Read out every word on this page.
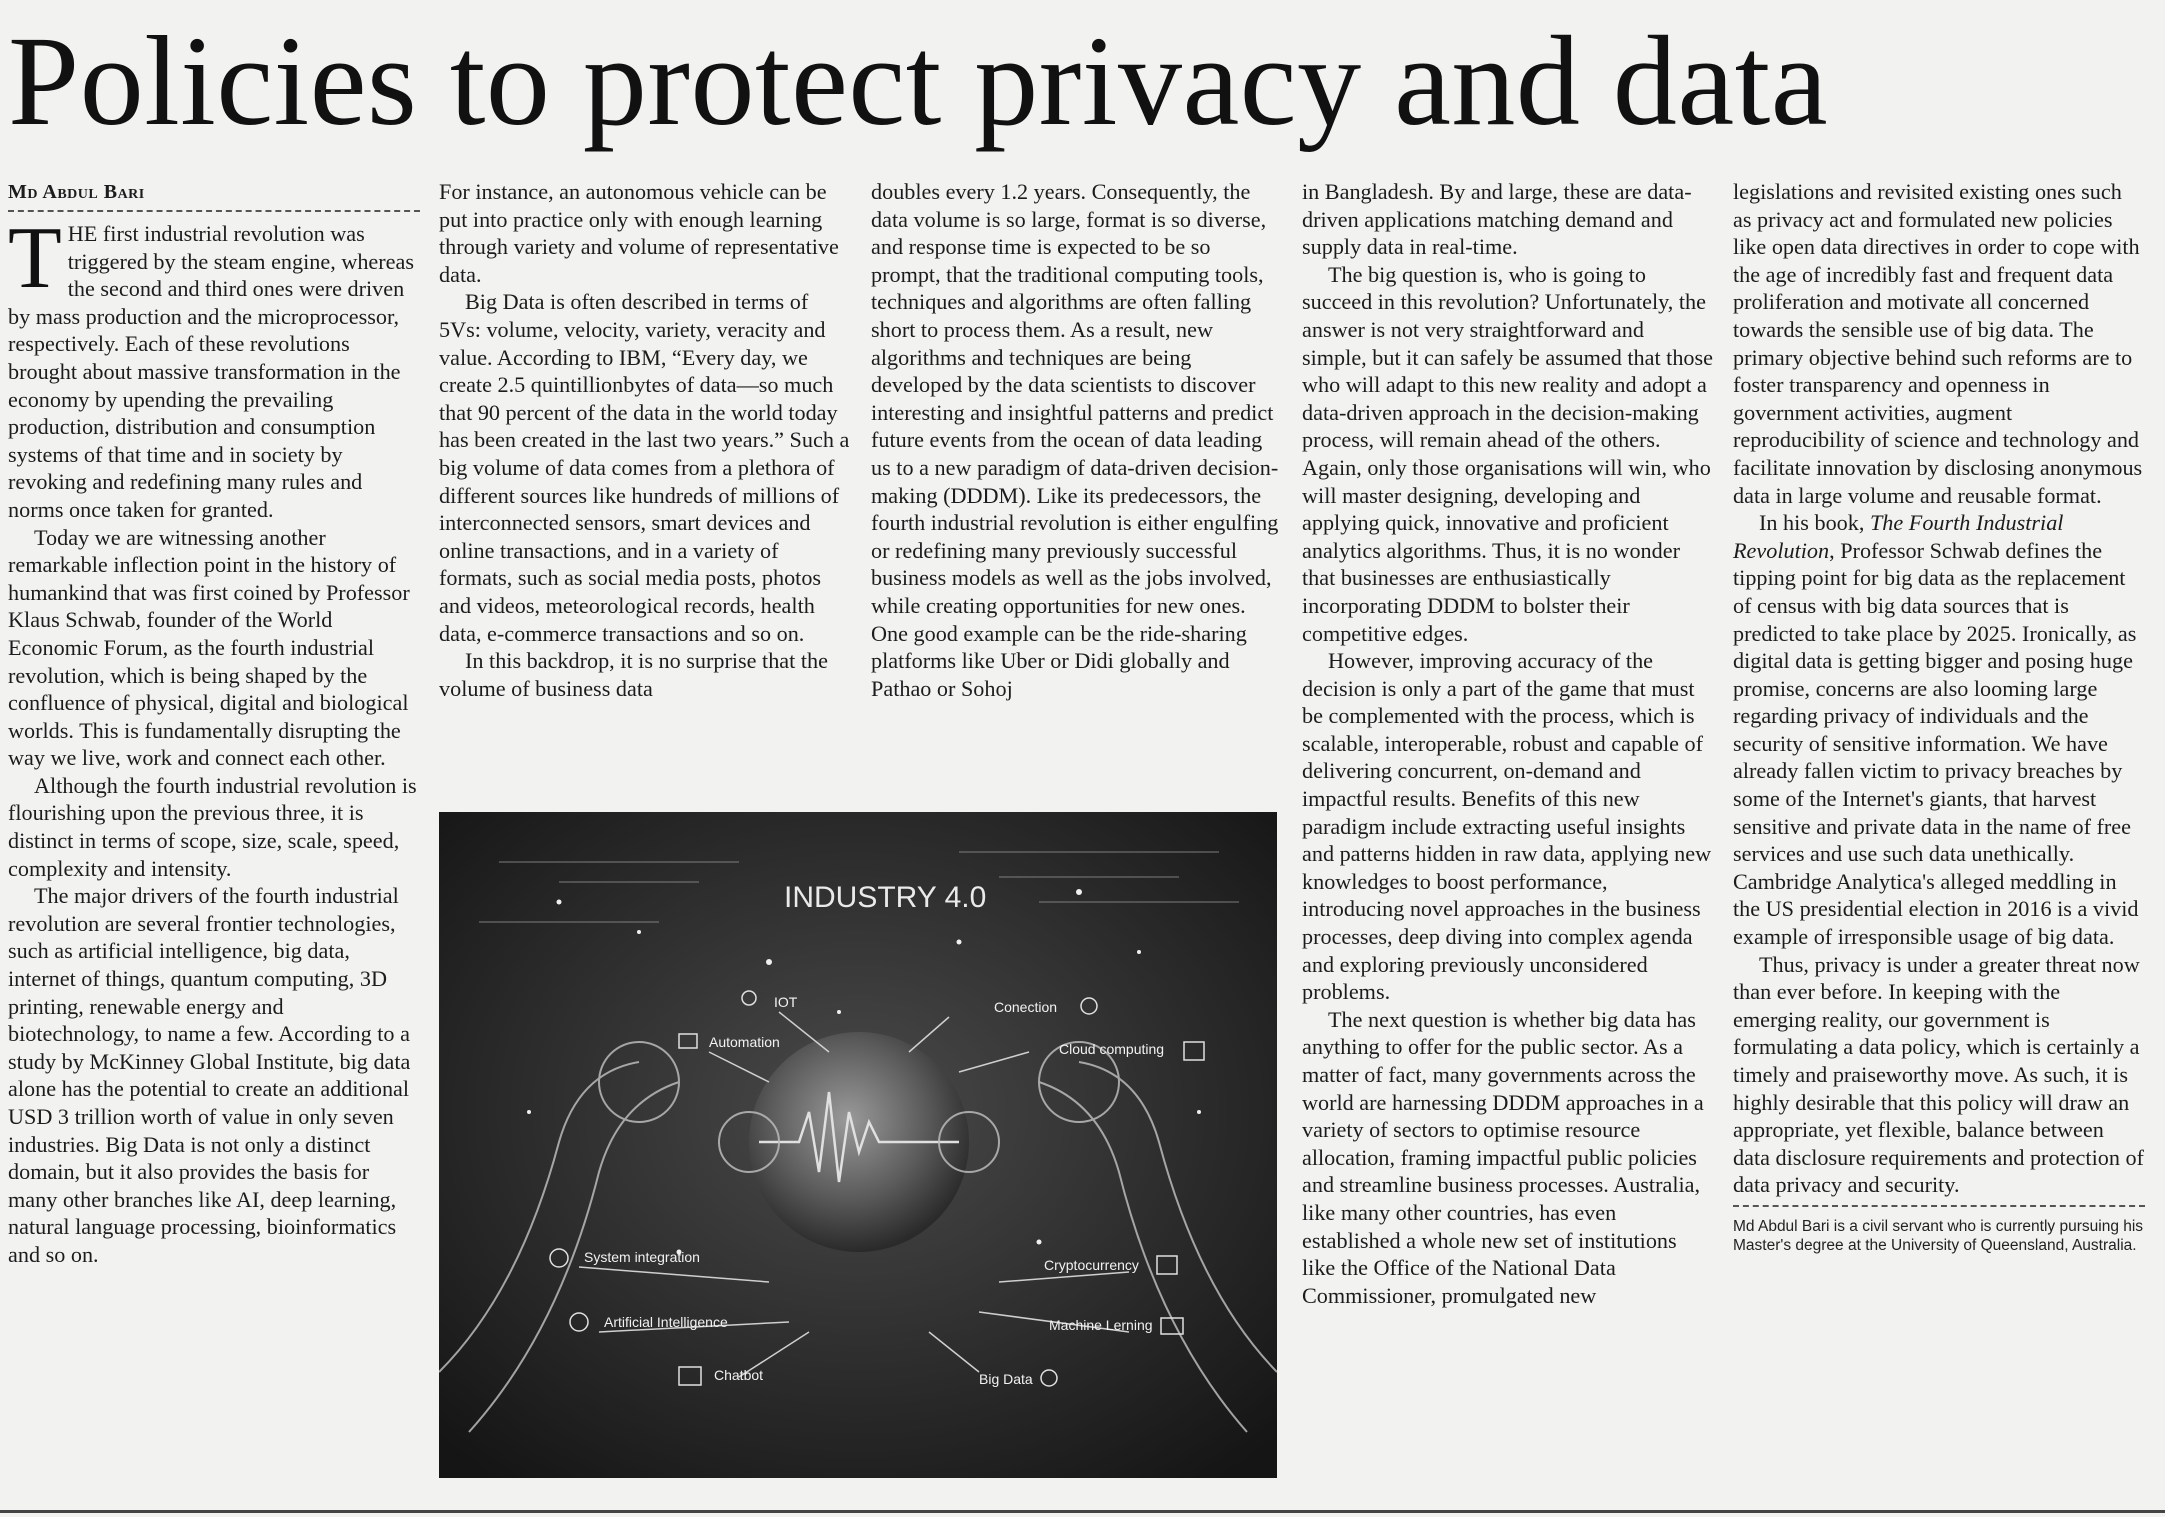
Policies to protect privacy and data
Md Abdul Bari

THE first industrial revolution was triggered by the steam engine, whereas the second and third ones were driven by mass production and the microprocessor, respectively. Each of these revolutions brought about massive transformation in the economy by upending the prevailing production, distribution and consumption systems of that time and in society by revoking and redefining many rules and norms once taken for granted.

Today we are witnessing another remarkable inflection point in the history of humankind that was first coined by Professor Klaus Schwab, founder of the World Economic Forum, as the fourth industrial revolution, which is being shaped by the confluence of physical, digital and biological worlds. This is fundamentally disrupting the way we live, work and connect each other.

Although the fourth industrial revolution is flourishing upon the previous three, it is distinct in terms of scope, size, scale, speed, complexity and intensity.

The major drivers of the fourth industrial revolution are several frontier technologies, such as artificial intelligence, big data, internet of things, quantum computing, 3D printing, renewable energy and biotechnology, to name a few. According to a study by McKinney Global Institute, big data alone has the potential to create an additional USD 3 trillion worth of value in only seven industries. Big Data is not only a distinct domain, but it also provides the basis for many other branches like AI, deep learning, natural language processing, bioinformatics and so on.

For instance, an autonomous vehicle can be put into practice only with enough learning through variety and volume of representative data.

Big Data is often described in terms of 5Vs: volume, velocity, variety, veracity and value. According to IBM, “Every day, we create 2.5 quintillionbytes of data—so much that 90 percent of the data in the world today has been created in the last two years.” Such a big volume of data comes from a plethora of different sources like hundreds of millions of interconnected sensors, smart devices and online transactions, and in a variety of formats, such as social media posts, photos and videos, meteorological records, health data, e-commerce transactions and so on.

In this backdrop, it is no surprise that the volume of business data

doubles every 1.2 years. Consequently, the data volume is so large, format is so diverse, and response time is expected to be so prompt, that the traditional computing tools, techniques and algorithms are often falling short to process them. As a result, new algorithms and techniques are being developed by the data scientists to discover interesting and insightful patterns and predict future events from the ocean of data leading us to a new paradigm of data-driven decision-making (DDDM). Like its predecessors, the fourth industrial revolution is either engulfing or redefining many previously successful business models as well as the jobs involved, while creating opportunities for new ones. One good example can be the ride-sharing platforms like Uber or Didi globally and Pathao or Sohoj

in Bangladesh. By and large, these are data-driven applications matching demand and supply data in real-time.

The big question is, who is going to succeed in this revolution? Unfortunately, the answer is not very straightforward and simple, but it can safely be assumed that those who will adapt to this new reality and adopt a data-driven approach in the decision-making process, will remain ahead of the others. Again, only those organisations will win, who will master designing, developing and applying quick, innovative and proficient analytics algorithms. Thus, it is no wonder that businesses are enthusiastically incorporating DDDM to bolster their competitive edges.

However, improving accuracy of the decision is only a part of the game that must be complemented with the process, which is scalable, interoperable, robust and capable of delivering concurrent, on-demand and impactful results. Benefits of this new paradigm include extracting useful insights and patterns hidden in raw data, applying new knowledges to boost performance, introducing novel approaches in the business processes, deep diving into complex agenda and exploring previously unconsidered problems.

The next question is whether big data has anything to offer for the public sector. As a matter of fact, many governments across the world are harnessing DDDM approaches in a variety of sectors to optimise resource allocation, framing impactful public policies and streamline business processes. Australia, like many other countries, has even established a whole new set of institutions like the Office of the National Data Commissioner, promulgated new

legislations and revisited existing ones such as privacy act and formulated new policies like open data directives in order to cope with the age of incredibly fast and frequent data proliferation and motivate all concerned towards the sensible use of big data. The primary objective behind such reforms are to foster transparency and openness in government activities, augment reproducibility of science and technology and facilitate innovation by disclosing anonymous data in large volume and reusable format.

In his book, The Fourth Industrial Revolution, Professor Schwab defines the tipping point for big data as the replacement of census with big data sources that is predicted to take place by 2025. Ironically, as digital data is getting bigger and posing huge promise, concerns are also looming large regarding privacy of individuals and the security of sensitive information. We have already fallen victim to privacy breaches by some of the Internet's giants, that harvest sensitive and private data in the name of free services and use such data unethically. Cambridge Analytica's alleged meddling in the US presidential election in 2016 is a vivid example of irresponsible usage of big data.

Thus, privacy is under a greater threat now than ever before. In keeping with the emerging reality, our government is formulating a data policy, which is certainly a timely and praiseworthy move. As such, it is highly desirable that this policy will draw an appropriate, yet flexible, balance between data disclosure requirements and protection of data privacy and security.

Md Abdul Bari is a civil servant who is currently pursuing his Master's degree at the University of Queensland, Australia.
INDUSTRY 4.0
IOT	Conection
Automation	Cloud computing
System integration	Cryptocurrency
Artificial Intelligence	Machine Lerning
Chatbot	Big Data
